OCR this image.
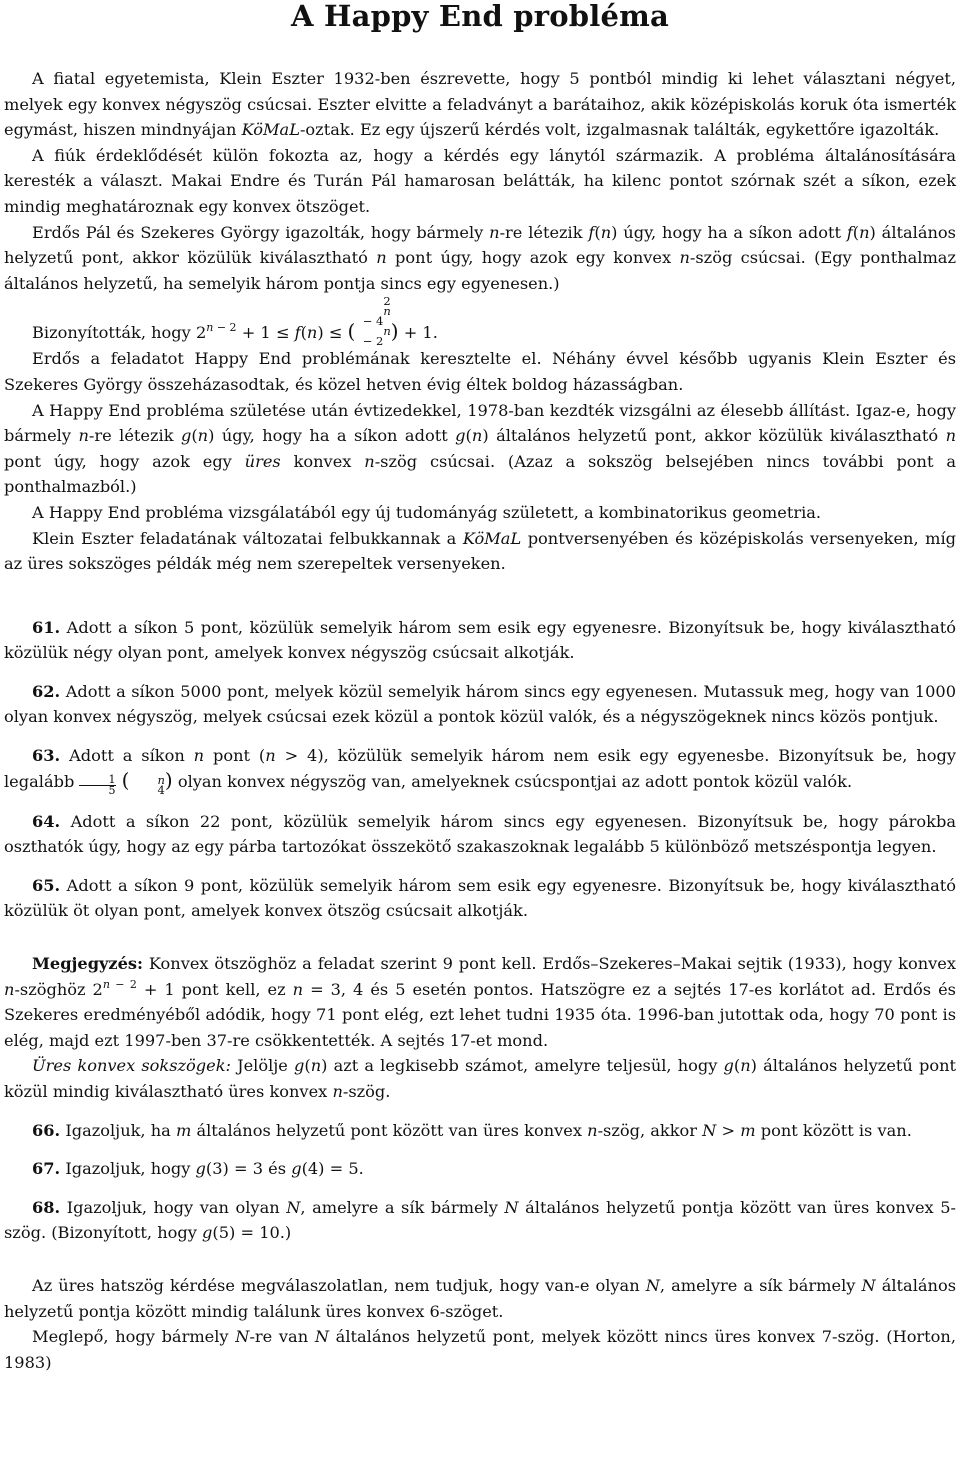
A Happy End probléma

A fiatal egyetemista, Klein Eszter 1932-ben észrevette, hogy 5 pontból mindig ki lehet választani négyet, melyek egy konvex négyszög csúcsai. Eszter elvitte a feladványt a barátaihoz, akik középiskolás koruk óta ismerték egymást, hiszen mindnyájan KöMaL-oztak. Ez egy újszerű kérdés volt, izgalmasnak találták, egykettőre igazolták.

A fiúk érdeklődését külön fokozta az, hogy a kérdés egy lánytól származik. A probléma általánosítására keresték a választ. Makai Endre és Turán Pál hamarosan belátták, ha kilenc pontot szórnak szét a síkon, ezek mindig meghatároznak egy konvex ötszöget.

Erdős Pál és Szekeres György igazolták, hogy bármely n-re létezik f(n) úgy, hogy ha a síkon adott f(n) általános helyzetű pont, akkor közülük kiválasztható n pont úgy, hogy azok egy konvex n-szög csúcsai. (Egy ponthalmaz általános helyzetű, ha semelyik három pontja sincs egy egyenesen.)

Bizonyították, hogy $2^{n - 2} + 1 \le f(n)$ ≤ (
2
n
− 4
n
− 2 ) + 1.

Erdős a feladatot Happy End problémának keresztelte el. Néhány évvel később ugyanis Klein Eszter és Szekeres György összeházasodtak, és közel hetven évig éltek boldog házasságban.

A Happy End probléma születése után évtizedekkel, 1978-ban kezdték vizsgálni az élesebb állítást. Igaz-e, hogy bármely n-re létezik g(n) úgy, hogy ha a síkon adott g(n) általános helyzetű pont, akkor közülük kiválasztható n pont úgy, hogy azok egy üres konvex n-szög csúcsai. (Azaz a sokszög belsejében nincs további pont a ponthalmazból.)

A Happy End probléma vizsgálatából egy új tudományág született, a kombinatorikus geometria.

Klein Eszter feladatának változatai felbukkannak a KöMaL pontversenyében és középiskolás versenyeken, míg az üres sokszöges példák még nem szerepeltek versenyeken.

61. Adott a síkon 5 pont, közülük semelyik három sem esik egy egyenesre. Bizonyítsuk be, hogy kiválasztható közülük négy olyan pont, amelyek konvex négyszög csúcsait alkotják.

62. Adott a síkon 5000 pont, melyek közül semelyik három sincs egy egyenesen. Mutassuk meg, hogy van 1000 olyan konvex négyszög, melyek csúcsai ezek közül a pontok közül valók, és a négyszögeknek nincs közös pontjuk.

63. Adott a síkon n pont (n > 4), közülük semelyik három nem esik egy egyenesbe. Bizonyítsuk be, hogy legalább $\frac{1}{5}$ (	n
4 ) olyan konvex négyszög van, amelyeknek csúcspontjai az adott pontok közül valók.

64. Adott a síkon 22 pont, közülük semelyik három sincs egy egyenesen. Bizonyítsuk be, hogy párokba oszthatók úgy, hogy az egy párba tartozókat összekötő szakaszoknak legalább 5 különböző metszéspontja legyen.

65. Adott a síkon 9 pont, közülük semelyik három sem esik egy egyenesre. Bizonyítsuk be, hogy kiválasztható közülük öt olyan pont, amelyek konvex ötszög csúcsait alkotják.

Megjegyzés: Konvex ötszöghöz a feladat szerint 9 pont kell. Erdős–Szekeres–Makai sejtik (1933), hogy konvex n-szöghöz $2^{n - 2} + 1$ pont kell, ez n = 3, 4 és 5 esetén pontos. Hatszögre ez a sejtés 17-es korlátot ad. Erdős és Szekeres eredményéből adódik, hogy 71 pont elég, ezt lehet tudni 1935 óta. 1996-ban jutottak oda, hogy 70 pont is elég, majd ezt 1997-ben 37-re csökkentették. A sejtés 17-et mond.

Üres konvex sokszögek: Jelölje g(n) azt a legkisebb számot, amelyre teljesül, hogy g(n) általános helyzetű pont közül mindig kiválasztható üres konvex n-szög.

66. Igazoljuk, ha m általános helyzetű pont között van üres konvex n-szög, akkor N > m pont között is van.

67. Igazoljuk, hogy g(3) = 3 és g(4) = 5.

68. Igazoljuk, hogy van olyan N, amelyre a sík bármely N általános helyzetű pontja között van üres konvex 5-szög. (Bizonyított, hogy g(5) = 10.)

Az üres hatszög kérdése megválaszolatlan, nem tudjuk, hogy van-e olyan N, amelyre a sík bármely N általános helyzetű pontja között mindig találunk üres konvex 6-szöget.

Meglepő, hogy bármely N-re van N általános helyzetű pont, melyek között nincs üres konvex 7-szög. (Horton, 1983)
